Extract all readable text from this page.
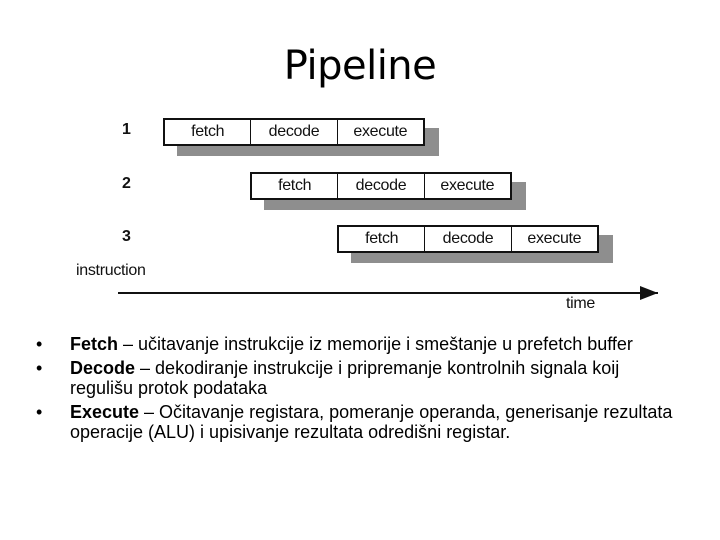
Pipeline
1	fetch	decode	execute
2	fetch	decode	execute
3	fetch	decode	execute
instruction
time
• Fetch – učitavanje instrukcije iz memorije i smeštanje u prefetch buffer
• Decode – dekodiranje instrukcije i pripremanje kontrolnih signala koij regulišu protok podataka
• Execute – Očitavanje registara, pomeranje operanda, generisanje rezultata operacije (ALU) i upisivanje rezultata odredišni registar.
